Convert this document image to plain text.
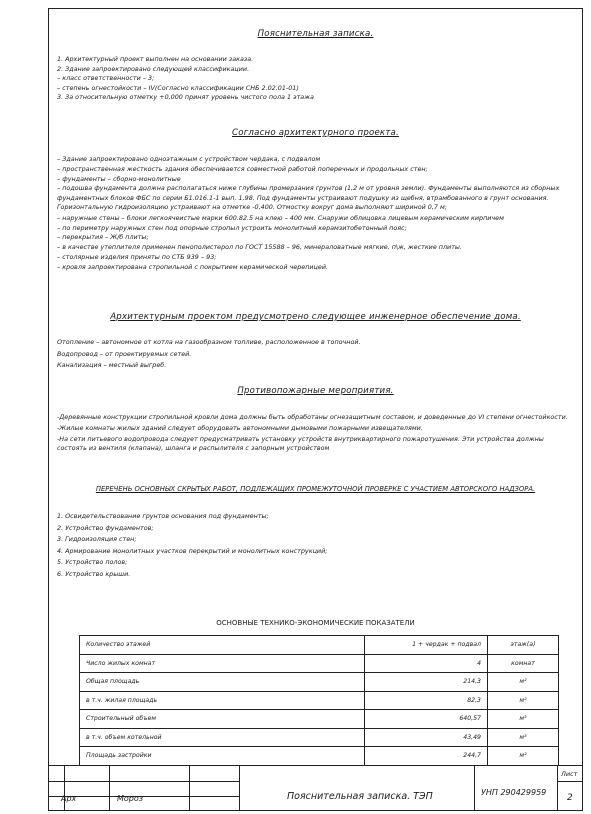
Пояснительная записка.
1. Архитектурный проект выполнен на основании заказа.
2. Здание запроектировано следующей классификации.
– класс ответственности – 3;
– степень огнестойкости – IV(Согласно классификации СНБ 2.02.01-01)
3. За относительную отметку +0,000 принят уровень чистого пола 1 этажа
Согласно архитектурного проекта.
– Здание запроектировано одноэтажным с устройством чердака, с подвалом
– пространственная жесткость здания обеспечивается совместной работой поперечных и продольных стен;
– фундаменты – сборно-монолитные
– подошва фундамента должна располагаться ниже глубины промерзания грунтов (1,2 м от уровня земли). Фундаменты выполняются из сборных фундаментных блоков ФБС по серии Б1.016.1-1 вып. 1,98. Под фундаменты устраивают подушку из щебня, втрамбованного в грунт основания. Горизонтальную гидроизоляцию устраивают на отметке -0,400. Отмостку вокруг дома выполняют шириной 0,7 м;
– наружные стены – блоки легкоячеистые марки 600.82.5 на клею – 400 мм. Снаружи облицовка лицевым керамическим кирпичем
– по периметру наружных стен под опорные стропыл устроить монолитный керамзитобетонный пояс;
– перекрытия – Ж/б плиты;
– в качестве утеплителя применен пенополистерол по ГОСТ 15588 – 96, минераловатные мягкие, п\ж, жесткие плиты.
– столярные изделия приняты по СТБ 939 – 93;
– кровля запроектирована стропильной с покрытием керамической черепицей.
Архитектурным проектом предусмотрено следующее инженерное обеспечение дома.
Отопление – автономное от котла на газообразном топливе, расположенное в топочной.
Водопровод – от проектируемых сетей.
Канализация – местный выгреб.
Противопожарные мероприятия.
-Деревянные конструкции стропильной кровли дома должны быть обработаны огнезащитным составом, и доведенные до VI степени огнестойкости.
-Жилые комнаты жилых зданий следует оборудовать автономными дымовыми пожарными извещателями.
-На сети питьевого водопровода следует предусматривать установку устройств внутриквартирного пожаротушения. Эти устройства должны состоять из вентиля (клапана), шланга и распылителя с запорным устройством
ПЕРЕЧЕНЬ ОСНОВНЫХ СКРЫТЫХ РАБОТ, ПОДЛЕЖАЩИХ ПРОМЕЖУТОЧНОЙ ПРОВЕРКЕ С УЧАСТИЕМ АВТОРСКОГО НАДЗОРА.
1. Освидетельствование грунтов основания под фундаменты;
2. Устройство фундаментов;
3. Гидроизоляция стен;
4. Армирование монолитных участков перекрытий и монолитных конструкций;
5. Устройство полов;
6. Устройство крыши.
ОСНОВНЫЕ ТЕХНИКО-ЭКОНОМИЧЕСКИЕ ПОКАЗАТЕЛИ
Количество этажей	1 + чердак + подвал	этаж(а)
Число жилых комнат	4	комнат
Общая площадь	214,3	м²
в т.ч. жилая площадь	82,3	м²
Строительный объем	640,57	м³
в т.ч. объем котельной	43,49	м³
Площадь застройки	244,7	м²
Арх	Мороз	Пояснительная записка. ТЭП	УНП 290429959
Лист
2
